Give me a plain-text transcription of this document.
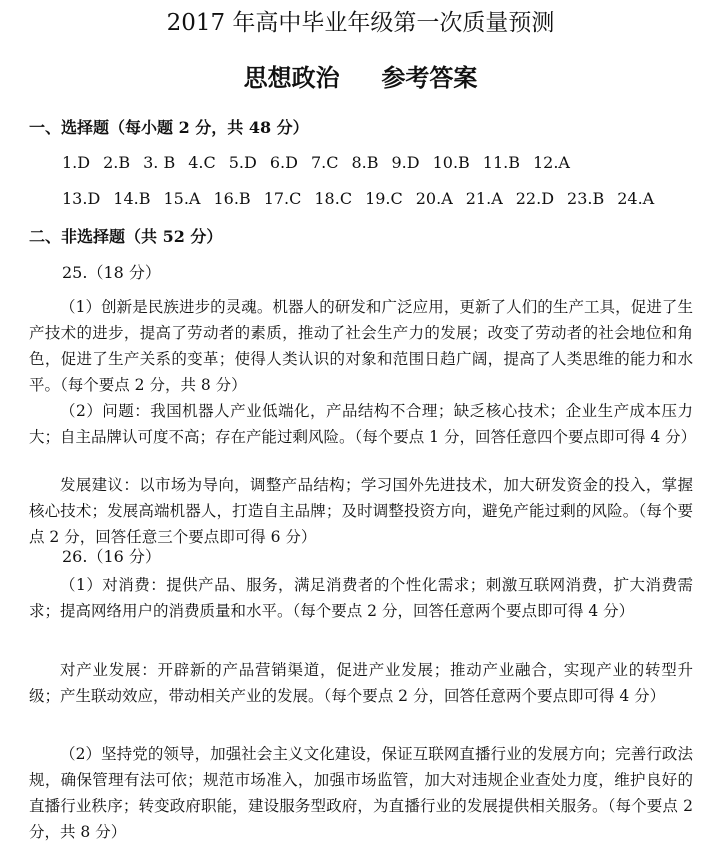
2017 年高中毕业年级第一次质量预测
思想政治     参考答案
一、选择题（每小题 2 分，共 48 分）
1.D 2.B 3. B 4.C 5.D 6.D 7.C 8.B 9.D 10.B 11.B 12.A
13.D 14.B 15.A 16.B 17.C 18.C 19.C 20.A 21.A 22.D 23.B 24.A
二、非选择题（共 52 分）
25.（18 分）

（1）创新是民族进步的灵魂。机器人的研发和广泛应用，更新了人们的生产工具，促进了生产技术的进步，提高了劳动者的素质，推动了社会生产力的发展；改变了劳动者的社会地位和角色，促进了生产关系的变革；使得人类认识的对象和范围日趋广阔，提高了人类思维的能力和水平。（每个要点 2 分，共 8 分）

（2）问题：我国机器人产业低端化，产品结构不合理；缺乏核心技术；企业生产成本压力大；自主品牌认可度不高；存在产能过剩风险。（每个要点 1 分，回答任意四个要点即可得 4 分）

发展建议：以市场为导向，调整产品结构；学习国外先进技术，加大研发资金的投入，掌握核心技术；发展高端机器人，打造自主品牌；及时调整投资方向，避免产能过剩的风险。（每个要点 2 分，回答任意三个要点即可得 6 分）

26.（16 分）

（1）对消费：提供产品、服务，满足消费者的个性化需求；刺激互联网消费，扩大消费需求；提高网络用户的消费质量和水平。（每个要点 2 分，回答任意两个要点即可得 4 分）

对产业发展：开辟新的产品营销渠道，促进产业发展；推动产业融合，实现产业的转型升级；产生联动效应，带动相关产业的发展。（每个要点 2 分，回答任意两个要点即可得 4 分）

（2）坚持党的领导，加强社会主义文化建设，保证互联网直播行业的发展方向；完善行政法规，确保管理有法可依；规范市场准入，加强市场监管，加大对违规企业查处力度，维护良好的直播行业秩序；转变政府职能，建设服务型政府，为直播行业的发展提供相关服务。（每个要点 2 分，共 8 分）
